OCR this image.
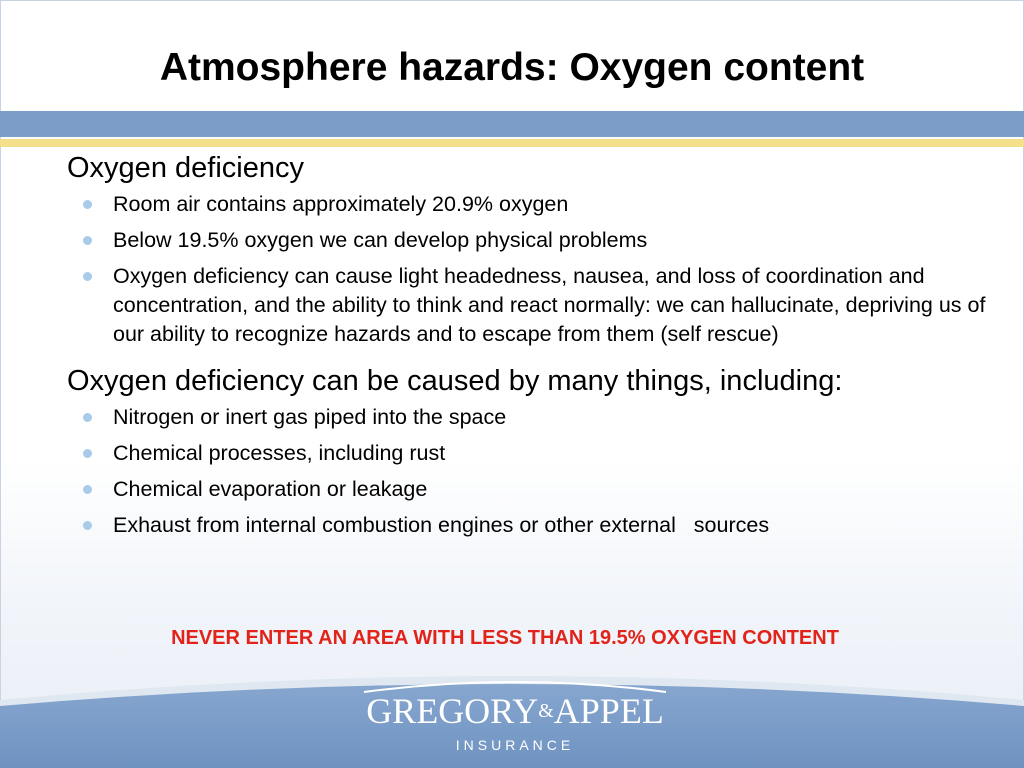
Atmosphere hazards: Oxygen content

Oxygen deficiency

Room air contains approximately 20.9% oxygen
Below 19.5% oxygen we can develop physical problems
Oxygen deficiency can cause light headedness, nausea, and loss of coordination and concentration, and the ability to think and react normally: we can hallucinate, depriving us of our ability to recognize hazards and to escape from them (self rescue)

Oxygen deficiency can be caused by many things, including:

Nitrogen or inert gas piped into the space
Chemical processes, including rust
Chemical evaporation or leakage
Exhaust from internal combustion engines or other external   sources
NEVER ENTER AN AREA WITH LESS THAN 19.5% OXYGEN CONTENT
GREGORY&APPEL
INSURANCE
